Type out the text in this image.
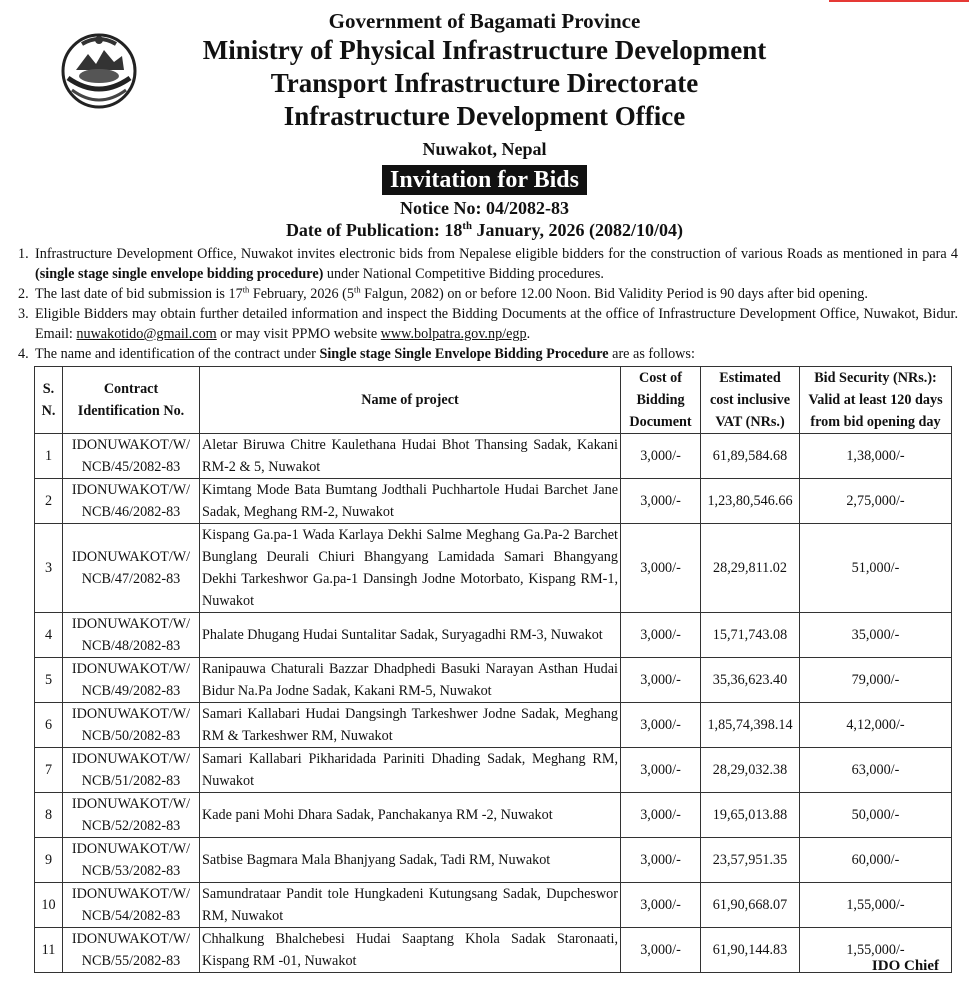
Government of Bagamati Province
Ministry of Physical Infrastructure Development
Transport Infrastructure Directorate
Infrastructure Development Office
Nuwakot, Nepal
Invitation for Bids
Notice No: 04/2082-83
Date of Publication: 18th January, 2026 (2082/10/04)
1. Infrastructure Development Office, Nuwakot invites electronic bids from Nepalese eligible bidders for the construction of various Roads as mentioned in para 4 (single stage single envelope bidding procedure) under National Competitive Bidding procedures.
2. The last date of bid submission is 17th February, 2026 (5th Falgun, 2082) on or before 12.00 Noon. Bid Validity Period is 90 days after bid opening.
3. Eligible Bidders may obtain further detailed information and inspect the Bidding Documents at the office of Infrastructure Development Office, Nuwakot, Bidur. Email: nuwakotido@gmail.com or may visit PPMO website www.bolpatra.gov.np/egp.
4. The name and identification of the contract under Single stage Single Envelope Bidding Procedure are as follows:
S.
N.	Contract
Identification No.	Name of project	Cost of
Bidding
Document	Estimated
cost inclusive
VAT (NRs.)	Bid Security (NRs.):
Valid at least 120 days
from bid opening day
1	IDONUWAKOT/W/
NCB/45/2082-83	Aletar Biruwa Chitre Kaulethana Hudai Bhot Thansing Sadak, Kakani RM-2 & 5, Nuwakot	3,000/-	61,89,584.68	1,38,000/-
2	IDONUWAKOT/W/
NCB/46/2082-83	Kimtang Mode Bata Bumtang Jodthali Puchhartole Hudai Barchet Jane Sadak, Meghang RM-2, Nuwakot	3,000/-	1,23,80,546.66	2,75,000/-
3	IDONUWAKOT/W/
NCB/47/2082-83	Kispang Ga.pa-1 Wada Karlaya Dekhi Salme Meghang Ga.Pa-2 Barchet Bunglang Deurali Chiuri Bhangyang Lamidada Samari Bhangyang Dekhi Tarkeshwor Ga.pa-1 Dansingh Jodne Motorbato, Kispang RM-1, Nuwakot	3,000/-	28,29,811.02	51,000/-
4	IDONUWAKOT/W/
NCB/48/2082-83	Phalate Dhugang Hudai Suntalitar Sadak, Suryagadhi RM-3, Nuwakot	3,000/-	15,71,743.08	35,000/-
5	IDONUWAKOT/W/
NCB/49/2082-83	Ranipauwa Chaturali Bazzar Dhadphedi Basuki Narayan Asthan Hudai Bidur Na.Pa Jodne Sadak, Kakani RM-5, Nuwakot	3,000/-	35,36,623.40	79,000/-
6	IDONUWAKOT/W/
NCB/50/2082-83	Samari Kallabari Hudai Dangsingh Tarkeshwer Jodne Sadak, Meghang RM & Tarkeshwer RM, Nuwakot	3,000/-	1,85,74,398.14	4,12,000/-
7	IDONUWAKOT/W/
NCB/51/2082-83	Samari Kallabari Pikharidada Pariniti Dhading Sadak, Meghang RM, Nuwakot	3,000/-	28,29,032.38	63,000/-
8	IDONUWAKOT/W/
NCB/52/2082-83	Kade pani Mohi Dhara Sadak, Panchakanya RM -2, Nuwakot	3,000/-	19,65,013.88	50,000/-
9	IDONUWAKOT/W/
NCB/53/2082-83	Satbise Bagmara Mala Bhanjyang Sadak, Tadi RM, Nuwakot	3,000/-	23,57,951.35	60,000/-
10	IDONUWAKOT/W/
NCB/54/2082-83	Samundrataar Pandit tole Hungkadeni Kutungsang Sadak, Dupcheswor RM, Nuwakot	3,000/-	61,90,668.07	1,55,000/-
11	IDONUWAKOT/W/
NCB/55/2082-83	Chhalkung Bhalchebesi Hudai Saaptang Khola Sadak Staronaati, Kispang RM -01, Nuwakot	3,000/-	61,90,144.83	1,55,000/-
IDO Chief
